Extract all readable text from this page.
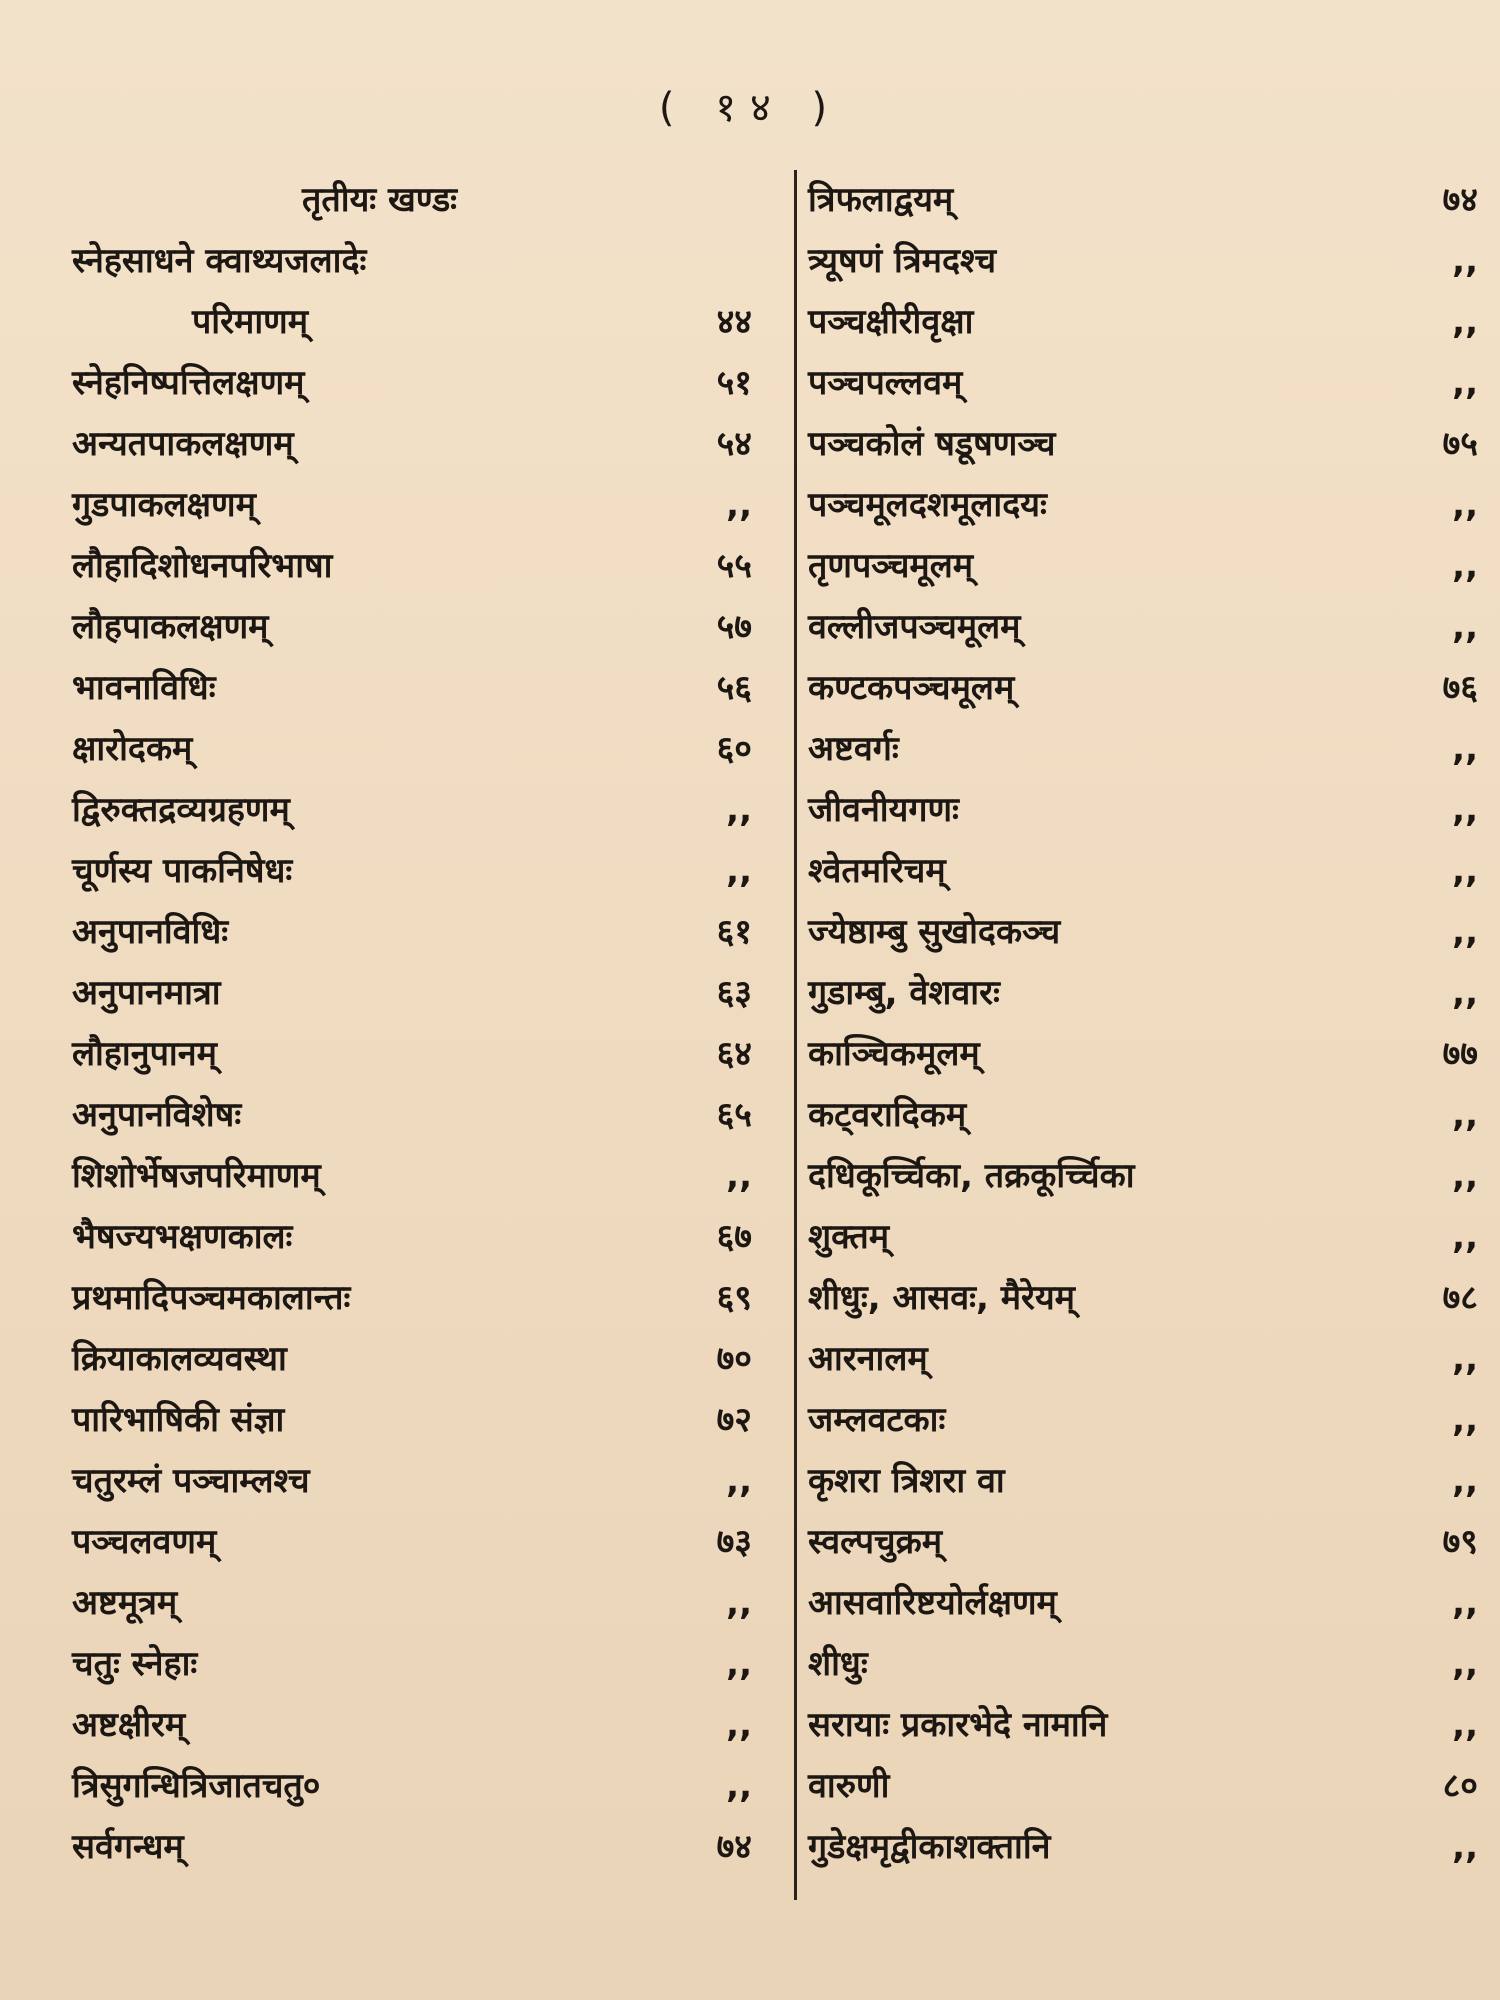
( १४ )
तृतीयः खण्डः
स्नेहसाधने क्वाथ्यजलादेः
परिमाणम्	४४
स्नेहनिष्पत्तिलक्षणम्	५१
अन्यतपाकलक्षणम्	५४
गुडपाकलक्षणम्	,,
लौहादिशोधनपरिभाषा	५५
लौहपाकलक्षणम्	५७
भावनाविधिः	५६
क्षारोदकम्	६०
द्विरुक्तद्रव्यग्रहणम्	,,
चूर्णस्य पाकनिषेधः	,,
अनुपानविधिः	६१
अनुपानमात्रा	६३
लौहानुपानम्	६४
अनुपानविशेषः	६५
शिशोर्भेषजपरिमाणम्	,,
भैषज्यभक्षणकालः	६७
प्रथमादिपञ्चमकालान्तः	६९
क्रियाकालव्यवस्था	७०
पारिभाषिकी संज्ञा	७२
चतुरम्लं पञ्चाम्लश्च	,,
पञ्चलवणम्	७३
अष्टमूत्रम्	,,
चतुः स्नेहाः	,,
अष्टक्षीरम्	,,
त्रिसुगन्धित्रिजातचतु०	,,
सर्वगन्धम्	७४
त्रिफलाद्वयम्	७४
त्र्यूषणं त्रिमदश्च	,,
पञ्चक्षीरीवृक्षा	,,
पञ्चपल्लवम्	,,
पञ्चकोलं षडूषणञ्च	७५
पञ्चमूलदशमूलादयः	,,
तृणपञ्चमूलम्	,,
वल्लीजपञ्चमूलम्	,,
कण्टकपञ्चमूलम्	७६
अष्टवर्गः	,,
जीवनीयगणः	,,
श्वेतमरिचम्	,,
ज्येष्ठाम्बु सुखोदकञ्च	,,
गुडाम्बु, वेशवारः	,,
काञ्चिकमूलम्	७७
कट्वरादिकम्	,,
दधिकूर्च्चिका, तक्रकूर्च्चिका	,,
शुक्तम्	,,
शीधुः, आसवः, मैरेयम्	७८
आरनालम्	,,
जम्लवटकाः	,,
कृशरा त्रिशरा वा	,,
स्वल्पचुक्रम्	७९
आसवारिष्टयोर्लक्षणम्	,,
शीधुः	,,
सरायाः प्रकारभेदे नामानि	,,
वारुणी	८०
गुडेक्षमृद्वीकाशक्तानि	,,
